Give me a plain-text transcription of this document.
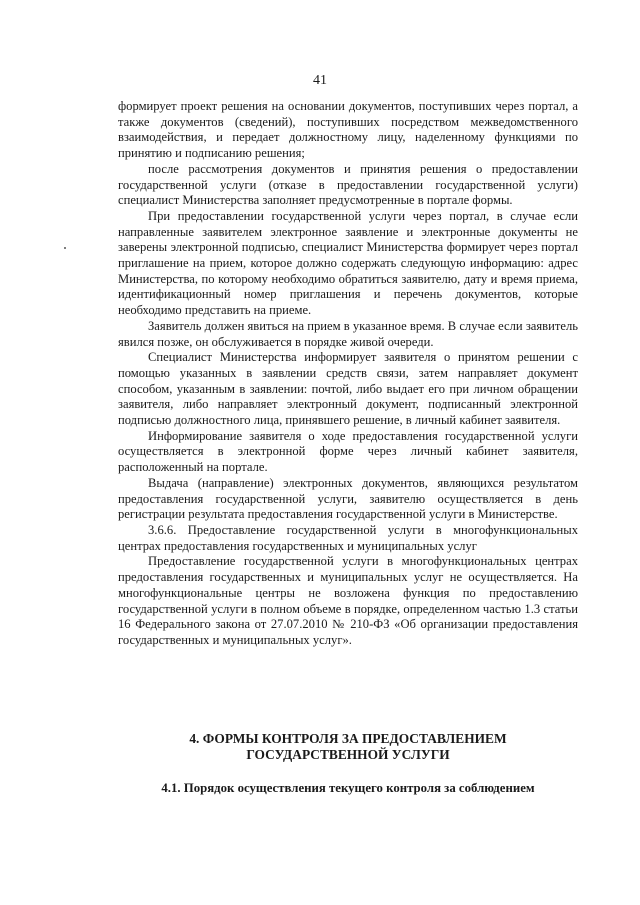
41

формирует проект решения на основании документов, поступивших через портал, а также документов (сведений), поступивших посредством межведомственного взаимодействия, и передает должностному лицу, наделенному функциями по принятию и подписанию решения;

после рассмотрения документов и принятия решения о предоставлении государственной услуги (отказе в предоставлении государственной услуги) специалист Министерства заполняет предусмотренные в портале формы.

При предоставлении государственной услуги через портал, в случае если направленные заявителем электронное заявление и электронные документы не заверены электронной подписью, специалист Министерства формирует через портал приглашение на прием, которое должно содержать следующую информацию: адрес Министерства, по которому необходимо обратиться заявителю, дату и время приема, идентификационный номер приглашения и перечень документов, которые необходимо представить на приеме.

Заявитель должен явиться на прием в указанное время. В случае если заявитель явился позже, он обслуживается в порядке живой очереди.

Специалист Министерства информирует заявителя о принятом решении с помощью указанных в заявлении средств связи, затем направляет документ способом, указанным в заявлении: почтой, либо выдает его при личном обращении заявителя, либо направляет электронный документ, подписанный электронной подписью должностного лица, принявшего решение, в личный кабинет заявителя.

Информирование заявителя о ходе предоставления государственной услуги осуществляется в электронной форме через личный кабинет заявителя, расположенный на портале.

Выдача (направление) электронных документов, являющихся результатом предоставления государственной услуги, заявителю осуществляется в день регистрации результата предоставления государственной услуги в Министерстве.

3.6.6. Предоставление государственной услуги в многофункциональных центрах предоставления государственных и муниципальных услуг

Предоставление государственной услуги в многофункциональных центрах предоставления государственных и муниципальных услуг не осуществляется. На многофункциональные центры не возложена функция по предоставлению государственной услуги в полном объеме в порядке, определенном частью 1.3 статьи 16 Федерального закона от 27.07.2010 № 210-ФЗ «Об организации предоставления государственных и муниципальных услуг».

4. ФОРМЫ КОНТРОЛЯ ЗА ПРЕДОСТАВЛЕНИЕМ ГОСУДАРСТВЕННОЙ УСЛУГИ
4.1. Порядок осуществления текущего контроля за соблюдением
